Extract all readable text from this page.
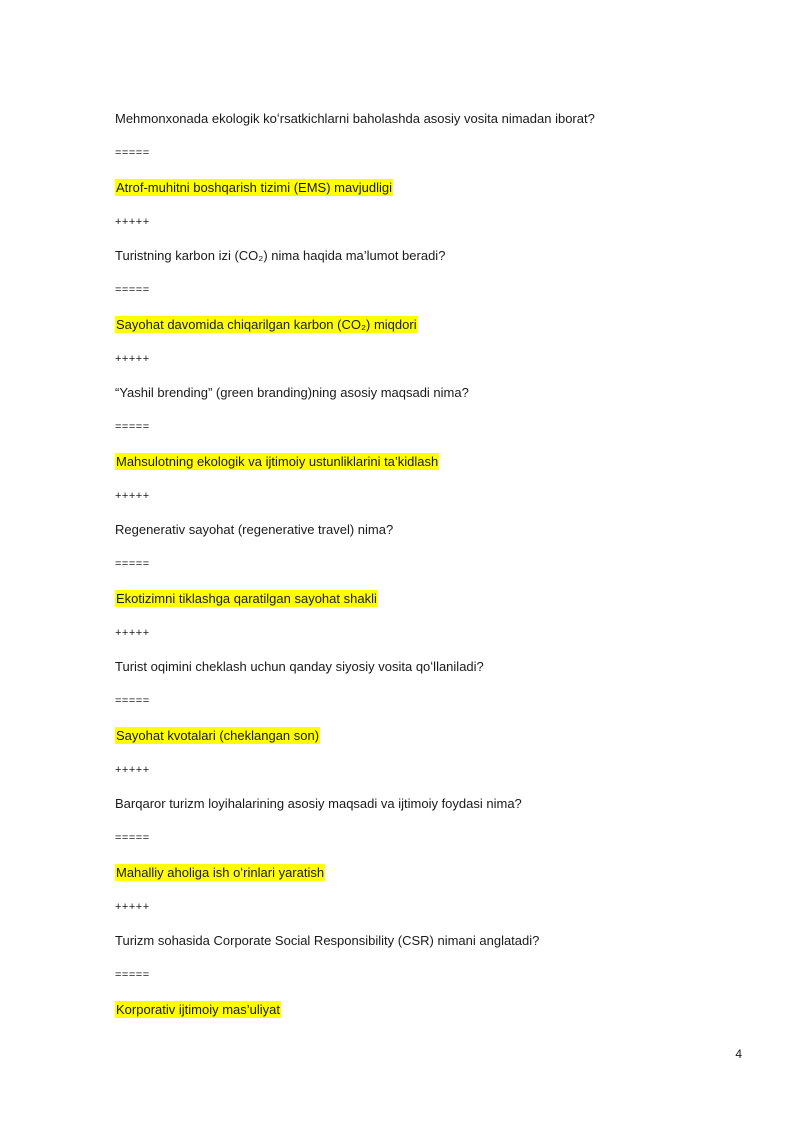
Mehmonxonada ekologik koʻrsatkichlarni baholashda asosiy vosita nimadan iborat?
=====
Atrof-muhitni boshqarish tizimi (EMS) mavjudligi
+++++
Turistning karbon izi (CO₂) nima haqida ma’lumot beradi?
=====
Sayohat davomida chiqarilgan karbon (CO₂) miqdori
+++++
“Yashil brending” (green branding)ning asosiy maqsadi nima?
=====
Mahsulotning ekologik va ijtimoiy ustunliklarini ta’kidlash
+++++
Regenerativ sayohat (regenerative travel) nima?
=====
Ekotizimni tiklashga qaratilgan sayohat shakli
+++++
Turist oqimini cheklash uchun qanday siyosiy vosita qoʻllaniladi?
=====
Sayohat kvotalari (cheklangan son)
+++++
Barqaror turizm loyihalarining asosiy maqsadi va ijtimoiy foydasi nima?
=====
Mahalliy aholiga ish oʻrinlari yaratish
+++++
Turizm sohasida Corporate Social Responsibility (CSR) nimani anglatadi?
=====
Korporativ ijtimoiy mas’uliyat
4
